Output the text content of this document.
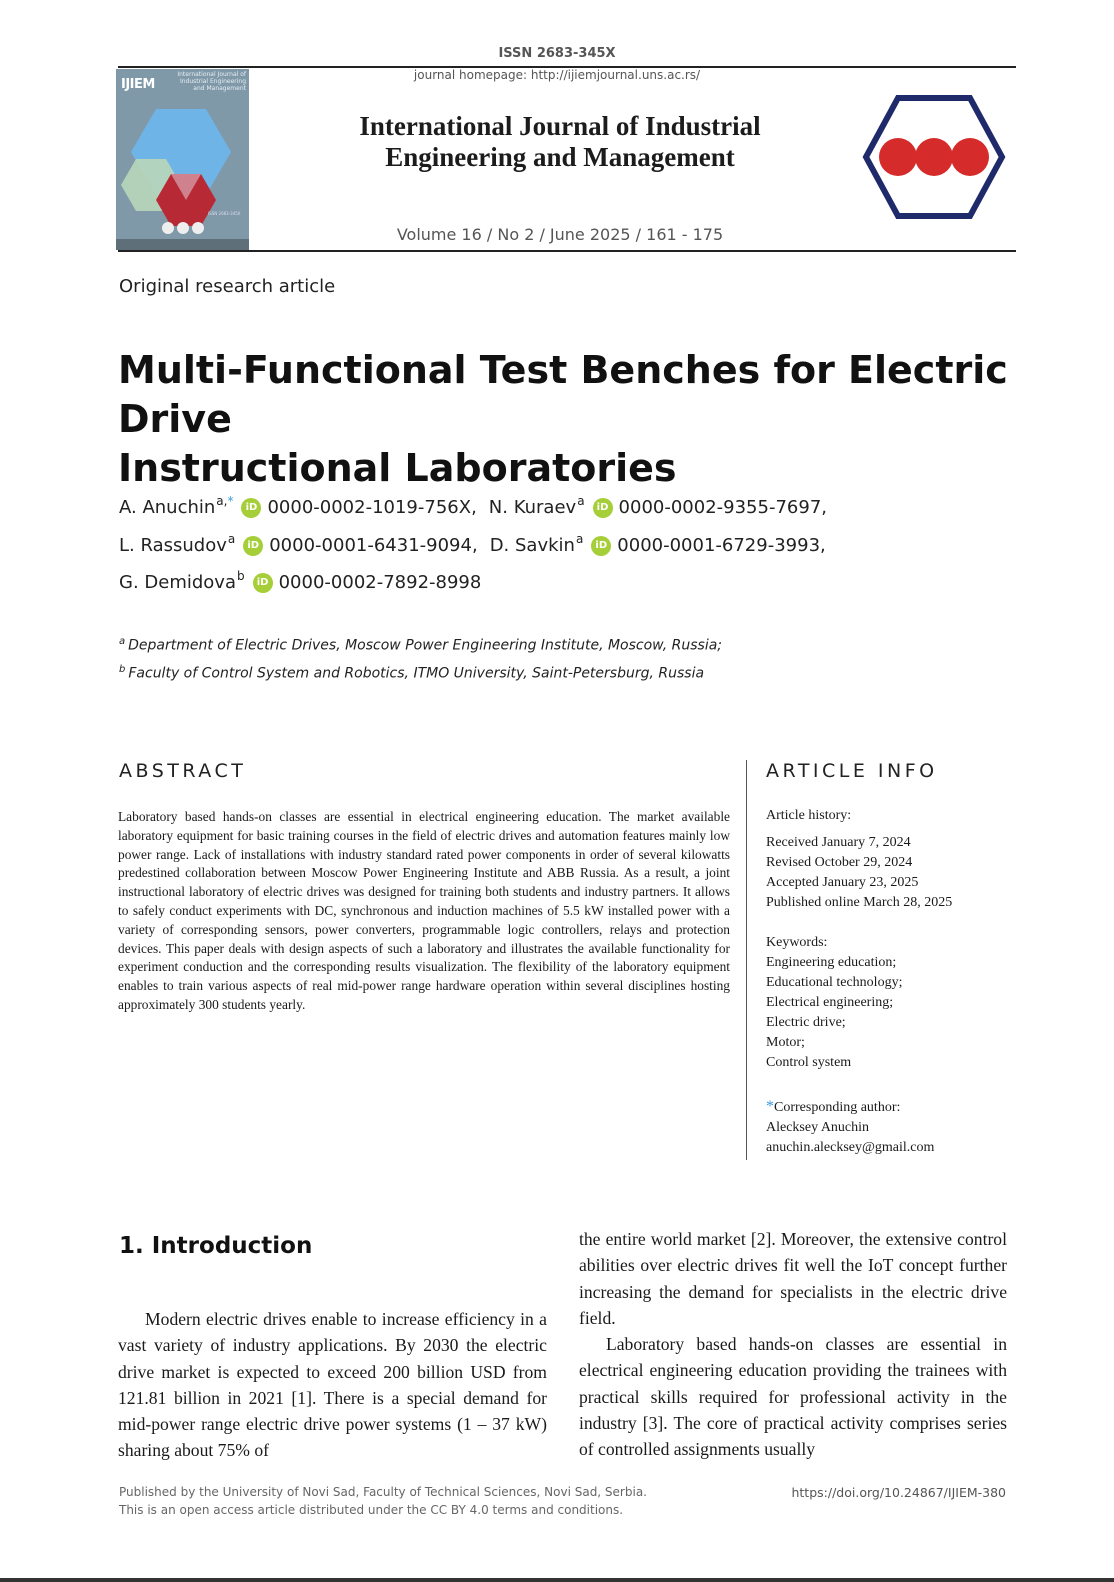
ISSN 2683-345X
journal homepage: http://ijiemjournal.uns.ac.rs/
IJIEM
International Journal of
Industrial Engineering
and Management
ISSN 2683-345X
International Journal of Industrial
Engineering and Management
Volume 16 / No 2 / June 2025 / 161 - 175
Original research article
Multi-Functional Test Benches for Electric Drive
Instructional Laboratories
A. Anuchin $^{a,*}$	iD 0000-0002-1019-756X, N. Kuraev$^a$	iD 0000-0002-9355-7697,
L. Rassudov$^a$	iD 0000-0001-6431-9094, D. Savkin$^a$	iD 0000-0001-6729-3993,
G. Demidova$^b$	iD 0000-0002-7892-8998
$^a$ Department of Electric Drives, Moscow Power Engineering Institute, Moscow, Russia;
$^b$ Faculty of Control System and Robotics, ITMO University, Saint-Petersburg, Russia
ABSTRACT
Laboratory based hands-on classes are essential in electrical engineering education. The market available laboratory equipment for basic training courses in the field of electric drives and automation features mainly low power range. Lack of installations with industry standard rated power components in order of several kilowatts predestined collaboration between Moscow Power Engineering Institute and ABB Russia. As a result, a joint instructional laboratory of electric drives was designed for training both students and industry partners. It allows to safely conduct experiments with DC, synchronous and induction machines of 5.5 kW installed power with a variety of corresponding sensors, power converters, programmable logic controllers, relays and protection devices. This paper deals with design aspects of such a laboratory and illustrates the available functionality for experiment conduction and the corresponding results visualization. The flexibility of the laboratory equipment enables to train various aspects of real mid-power range hardware operation within several disciplines hosting approximately 300 students yearly.
ARTICLE INFO
Article history:
Received January 7, 2024
Revised October 29, 2024
Accepted January 23, 2025
Published online March 28, 2025
Keywords:
Engineering education;
Educational technology;
Electrical engineering;
Electric drive;
Motor;
Control system
*Corresponding author:
Alecksey Anuchin
anuchin.alecksey@gmail.com
1. Introduction

Modern electric drives enable to increase efficiency in a vast variety of industry applications. By 2030 the electric drive market is expected to exceed 200 billion USD from 121.81 billion in 2021 [1]. There is a special demand for mid-power range electric drive power systems (1 – 37 kW) sharing about 75% of

the entire world market [2]. Moreover, the extensive control abilities over electric drives fit well the IoT concept further increasing the demand for specialists in the electric drive field.

Laboratory based hands-on classes are essential in electrical engineering education providing the trainees with practical skills required for professional activity in the industry [3]. The core of practical activity comprises series of controlled assignments usually

Published by the University of Novi Sad, Faculty of Technical Sciences, Novi Sad, Serbia.
This is an open access article distributed under the CC BY 4.0 terms and conditions.
https://doi.org/10.24867/IJIEM-380
